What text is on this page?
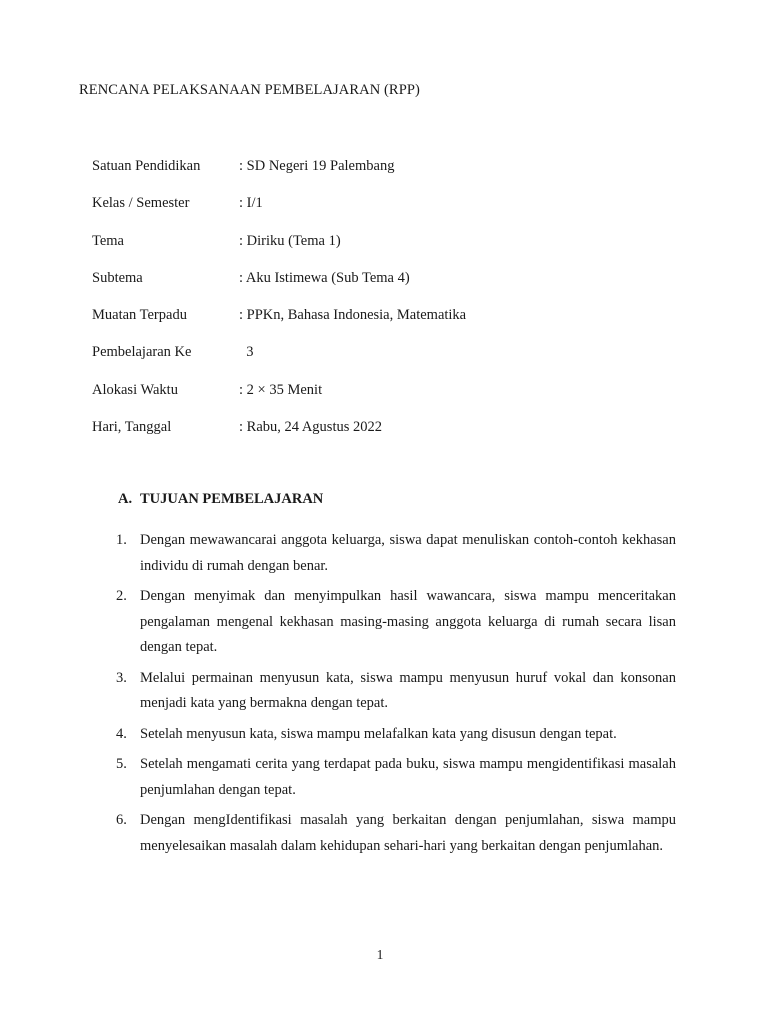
RENCANA PELAKSANAAN PEMBELAJARAN (RPP)
Satuan Pendidikan	: SD Negeri 19 Palembang
Kelas / Semester	: I/1
Tema	: Diriku (Tema 1)
Subtema	: Aku Istimewa (Sub Tema 4)
Muatan Terpadu	: PPKn, Bahasa Indonesia, Matematika
Pembelajaran Ke	3
Alokasi Waktu	: 2 × 35 Menit
Hari, Tanggal	: Rabu, 24 Agustus 2022
A. TUJUAN PEMBELAJARAN
1. Dengan mewawancarai anggota keluarga, siswa dapat menuliskan contoh-contoh kekhasan individu di rumah dengan benar.
2. Dengan menyimak dan menyimpulkan hasil wawancara, siswa mampu menceritakan pengalaman mengenal kekhasan masing-masing anggota keluarga di rumah secara lisan dengan tepat.
3. Melalui permainan menyusun kata, siswa mampu menyusun huruf vokal dan konsonan menjadi kata yang bermakna dengan tepat.
4. Setelah menyusun kata, siswa mampu melafalkan kata yang disusun dengan tepat.
5. Setelah mengamati cerita yang terdapat pada buku, siswa mampu mengidentifikasi masalah penjumlahan dengan tepat.
6. Dengan mengIdentifikasi masalah yang berkaitan dengan penjumlahan, siswa mampu menyelesaikan masalah dalam kehidupan sehari-hari yang berkaitan dengan penjumlahan.
1
